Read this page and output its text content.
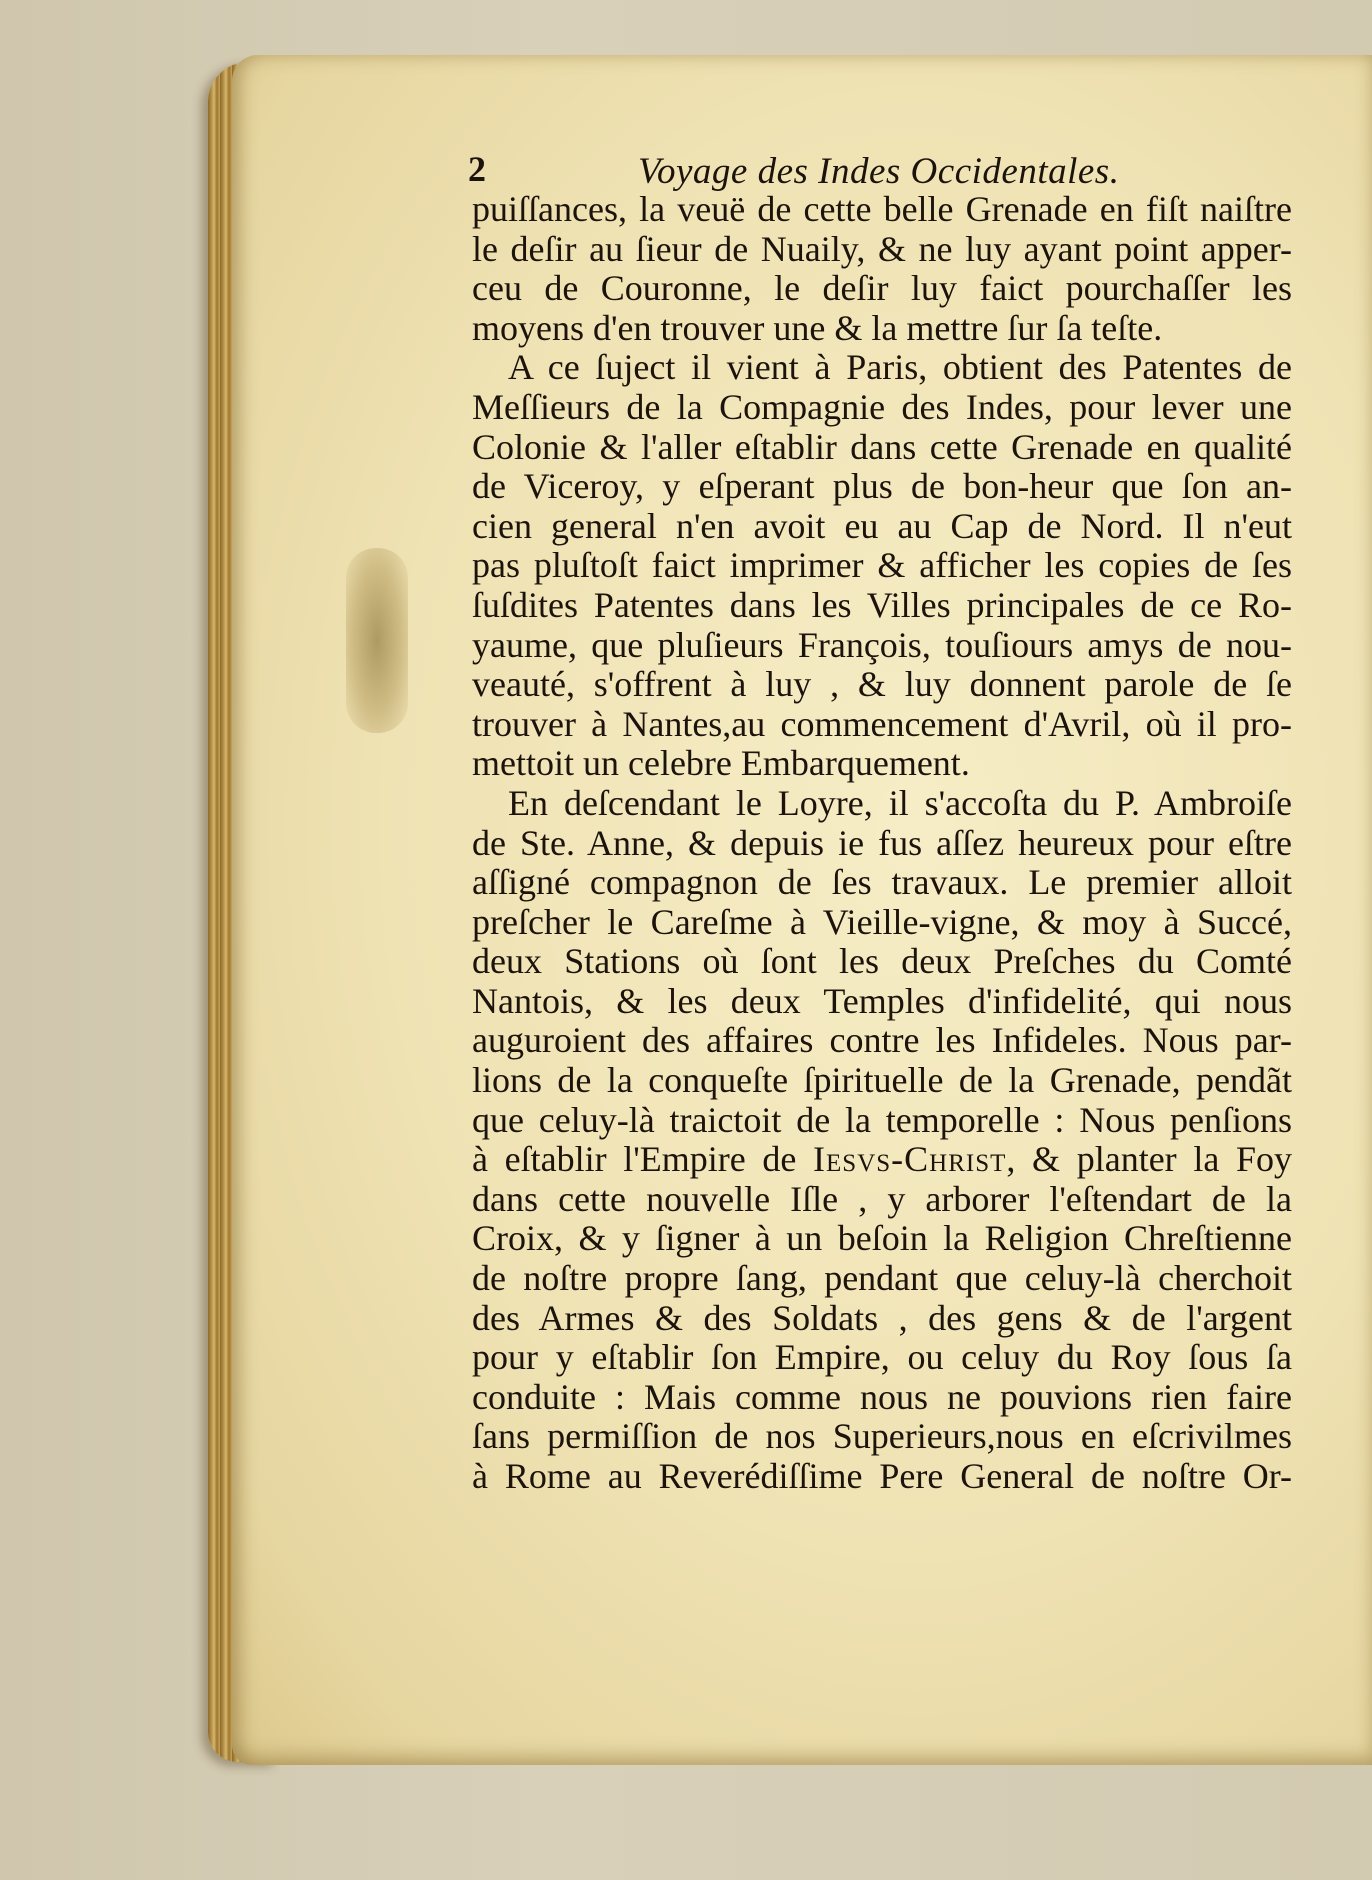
2	Voyage des Indes Occidentales.
puiſſances, la veuë de cette belle Grenade en fiſt naiſtre
le deſir au ſieur de Nuaily, & ne luy ayant point apper-
ceu de Couronne, le deſir luy faict pourchaſſer les
moyens d'en trouver une & la mettre ſur ſa teſte.
A ce ſuject il vient à Paris, obtient des Patentes de
Meſſieurs de la Compagnie des Indes, pour lever une
Colonie & l'aller eſtablir dans cette Grenade en qualité
de Viceroy, y eſperant plus de bon-heur que ſon an-
cien general n'en avoit eu au Cap de Nord. Il n'eut
pas pluſtoſt faict imprimer & afficher les copies de ſes
ſuſdites Patentes dans les Villes principales de ce Ro-
yaume, que pluſieurs François, touſiours amys de nou-
veauté, s'offrent à luy , & luy donnent parole de ſe
trouver à Nantes,au commencement d'Avril, où il pro-
mettoit un celebre Embarquement.
En deſcendant le Loyre, il s'accoſta du P. Ambroiſe
de Ste. Anne, & depuis ie fus aſſez heureux pour eſtre
aſſigné compagnon de ſes travaux. Le premier alloit
preſcher le Careſme à Vieille-vigne, & moy à Succé,
deux Stations où ſont les deux Preſches du Comté
Nantois, & les deux Temples d'infidelité, qui nous
auguroient des affaires contre les Infideles. Nous par-
lions de la conqueſte ſpirituelle de la Grenade, pendãt
que celuy-là traictoit de la temporelle : Nous penſions
à eſtablir l'Empire de Iesvs-Christ, & planter la Foy
dans cette nouvelle Iſle , y arborer l'eſtendart de la
Croix, & y ſigner à un beſoin la Religion Chreſtienne
de noſtre propre ſang, pendant que celuy-là cherchoit
des Armes & des Soldats , des gens & de l'argent
pour y eſtablir ſon Empire, ou celuy du Roy ſous ſa
conduite : Mais comme nous ne pouvions rien faire
ſans permiſſion de nos Superieurs,nous en eſcrivilmes
à Rome au Reverédiſſime Pere General de noſtre Or-
